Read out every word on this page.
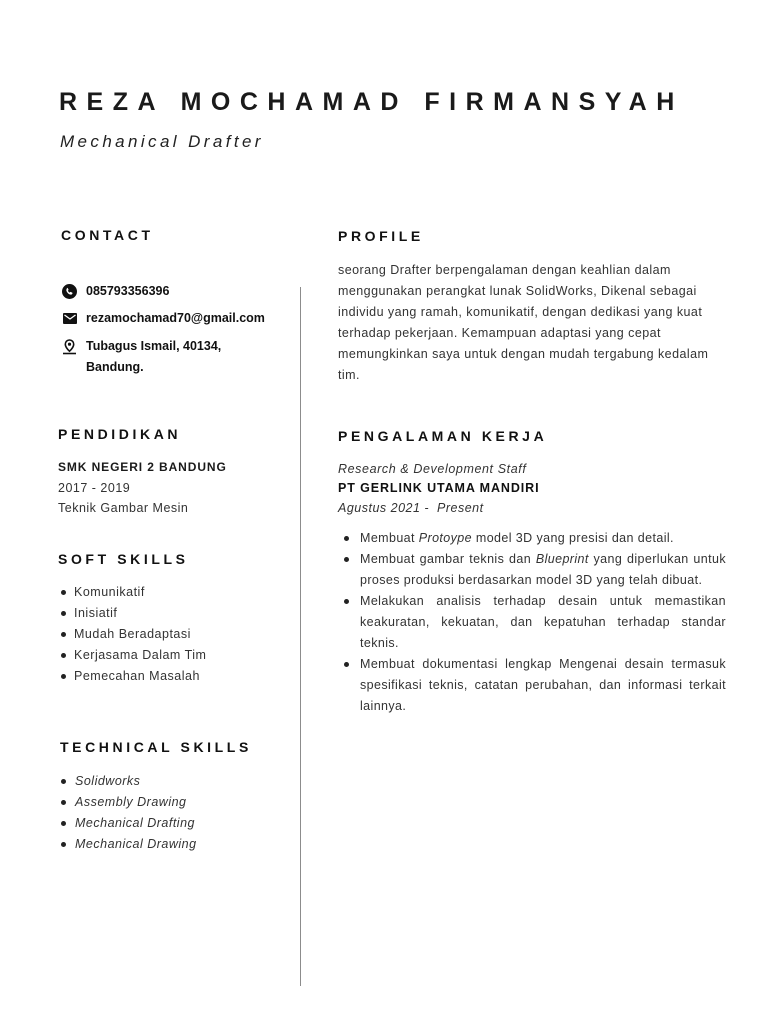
REZA MOCHAMAD FIRMANSYAH
Mechanical Drafter
CONTACT
085793356396
rezamochamad70@gmail.com
Tubagus Ismail, 40134,
Bandung.
PENDIDIKAN
SMK NEGERI 2 BANDUNG
2017 - 2019
Teknik Gambar Mesin
SOFT SKILLS
Komunikatif
Inisiatif
Mudah Beradaptasi
Kerjasama Dalam Tim
Pemecahan Masalah
TECHNICAL SKILLS
Solidworks
Assembly Drawing
Mechanical Drafting
Mechanical Drawing
PROFILE
seorang Drafter berpengalaman dengan keahlian dalam menggunakan perangkat lunak SolidWorks, Dikenal sebagai individu yang ramah, komunikatif, dengan dedikasi yang kuat terhadap pekerjaan. Kemampuan adaptasi yang cepat memungkinkan saya untuk dengan mudah tergabung kedalam tim.
PENGALAMAN KERJA
Research & Development Staff
PT GERLINK UTAMA MANDIRI
Agustus 2021 -  Present
Membuat Protoype model 3D yang presisi dan detail.
Membuat gambar teknis dan Blueprint yang diperlukan untuk proses produksi berdasarkan model 3D yang telah dibuat.
Melakukan analisis terhadap desain untuk memastikan keakuratan, kekuatan, dan kepatuhan terhadap standar teknis.
Membuat dokumentasi lengkap Mengenai desain termasuk spesifikasi teknis, catatan perubahan, dan informasi terkait lainnya.
